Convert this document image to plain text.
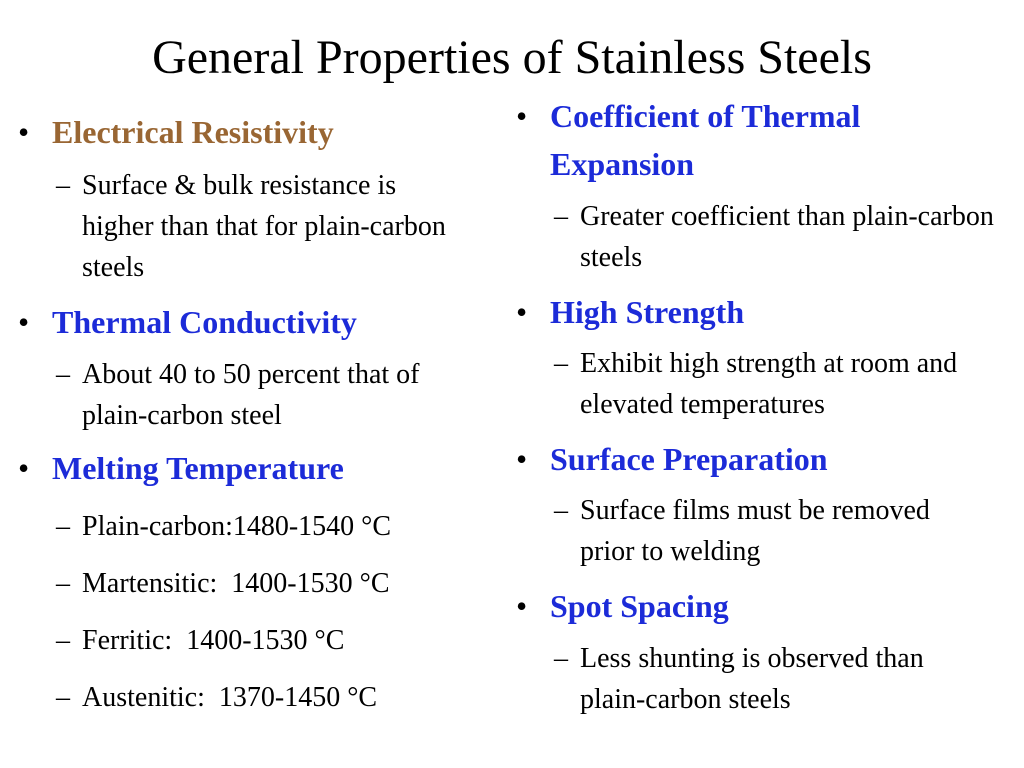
General Properties of Stainless Steels
• Electrical Resistivity
– Surface & bulk resistance is higher than that for plain-carbon steels
• Thermal Conductivity
– About 40 to 50 percent that of plain-carbon steel
• Melting Temperature
– Plain-carbon:1480-1540 °C
– Martensitic:  1400-1530 °C
– Ferritic:  1400-1530 °C
– Austenitic:  1370-1450 °C
• Coefficient of Thermal Expansion
– Greater coefficient than plain-carbon steels
• High Strength
– Exhibit high strength at room and elevated temperatures
• Surface Preparation
– Surface films must be removed prior to welding
• Spot Spacing
– Less shunting is observed than plain-carbon steels
